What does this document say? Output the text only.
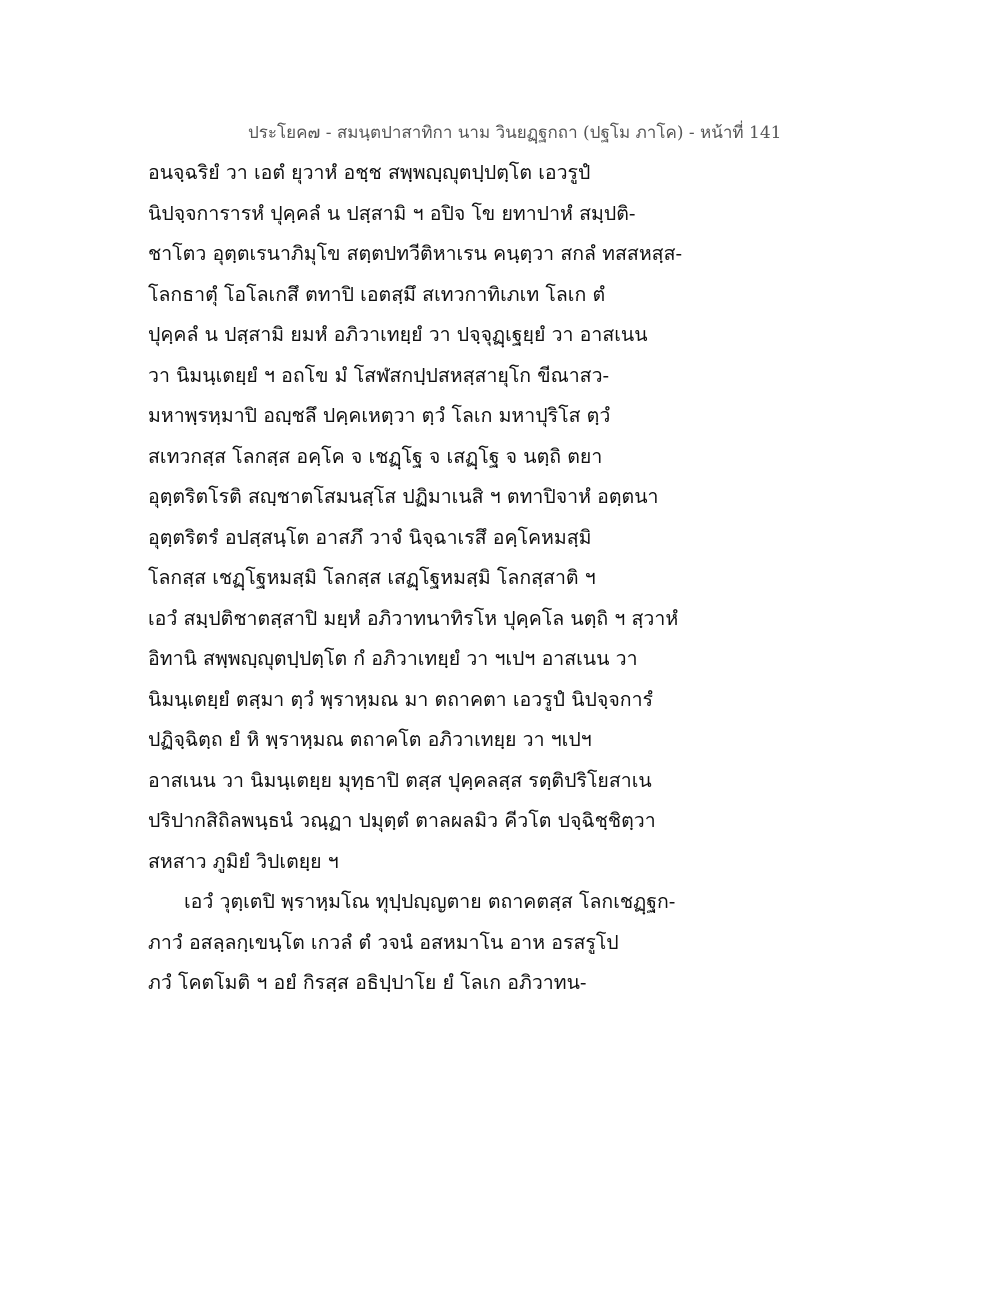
ประโยค๗ - สมนฺตปาสาทิกา นาม วินยฏฺฐกถา (ปฐโม ภาโค) - หน้าที่ 141
อนจฺฉริยํ วา เอตํ ยุวาหํ อชฺช สพฺพญฺญุตปฺปตฺโต เอวรูปํ
นิปจฺจการารหํ ปุคฺคลํ น ปสฺสามิ ฯ อปิจ โข ยทาปาหํ สมฺปติ-
ชาโตว อุตฺตเรนาภิมุโข สตฺตปทวีติหาเรน คนฺตฺวา สกลํ ทสสหสฺส-
โลกธาตุํ โอโลเกสึ ตทาปิ เอตสฺมึ สเทวกาทิเภเท โลเก ตํ
ปุคฺคลํ น ปสฺสามิ ยมหํ อภิวาเทยฺยํ วา ปจฺจุฏฺเฐยฺยํ วา อาสเนน
วา นิมนฺเตยฺยํ ฯ อถโข มํ โสฬสกปฺปสหสฺสายุโก ขีณาสว-
มหาพฺรหฺมาปิ อญฺชลึ ปคฺคเหตฺวา ตฺวํ โลเก มหาปุริโส ตฺวํ
สเทวกสฺส โลกสฺส อคฺโค จ เชฏฺโฐ จ เสฏฺโฐ จ นตฺถิ ตยา
อุตฺตริตโรติ สญฺชาตโสมนสฺโส ปฏิมาเนสิ ฯ ตทาปิจาหํ อตฺตนา
อุตฺตริตรํ อปสฺสนฺโต อาสภึ วาจํ นิจฺฉาเรสึ อคฺโคหมสฺมิ
โลกสฺส เชฏฺโฐหมสฺมิ โลกสฺส เสฏฺโฐหมสฺมิ โลกสฺสาติ ฯ
เอวํ สมฺปติชาตสฺสาปิ มยฺหํ อภิวาทนาทิรโห ปุคฺคโล นตฺถิ ฯ สฺวาหํ
อิทานิ สพฺพญฺญุตปฺปตฺโต กํ อภิวาเทยฺยํ วา ฯเปฯ อาสเนน วา
นิมนฺเตยฺยํ ตสฺมา ตฺวํ พฺราหฺมณ มา ตถาคตา เอวรูปํ นิปจฺจการํ
ปฏิจฺฉิตฺถ ยํ หิ พฺราหฺมณ ตถาคโต อภิวาเทยฺย วา ฯเปฯ
อาสเนน วา นิมนฺเตยฺย มุทฺธาปิ ตสฺส ปุคฺคลสฺส รตฺติปริโยสาเน
ปริปากสิถิลพนฺธนํ วณฺฏา ปมุตฺตํ ตาลผลมิว คีวโต ปจฺฉิชฺชิตฺวา
สหสาว ภูมิยํ วิปเตยฺย ฯ
เอวํ วุตฺเตปิ พฺราหฺมโณ ทุปฺปญฺญตาย ตถาคตสฺส โลกเชฏฺฐก-
ภาวํ อสลฺลกฺเขนฺโต เกวลํ ตํ วจนํ อสหมาโน อาห อรสรูโป
ภวํ โคตโมติ ฯ อยํ กิรสฺส อธิปฺปาโย ยํ โลเก อภิวาทน-
